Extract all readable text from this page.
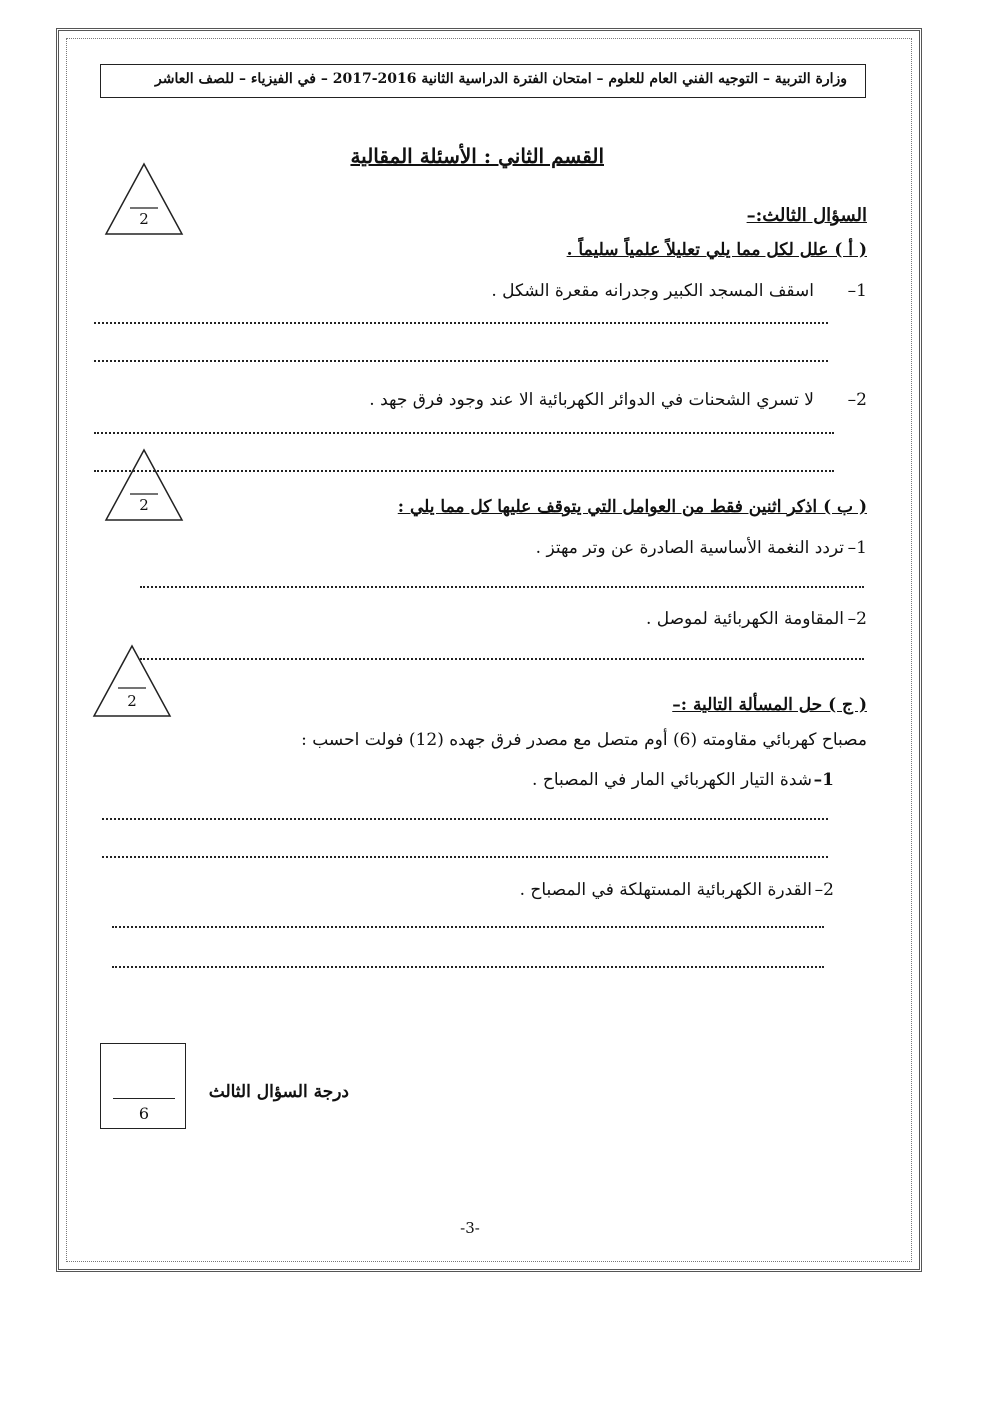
وزارة التربية – التوجيه الفني العام للعلوم – امتحان الفترة الدراسية الثانية 2016-2017 – في الفيزياء – للصف العاشر
القسم الثاني : الأسئلة المقالية
2	السؤال الثالث:–
( أ ) علل لكل مما يلي تعليلاً علمياً سليماً .
1–
اسقف المسجد الكبير وجدرانه مقعرة الشكل .
2–
لا تسري الشحنات في الدوائر الكهربائية الا عند وجود فرق جهد .
2	( ب ) اذكر اثنين فقط من العوامل التي يتوقف عليها كل مما يلي :
1–
تردد النغمة الأساسية الصادرة عن وتر مهتز .
2–
المقاومة الكهربائية لموصل .
2	( ج ) حل المسألة التالية :–
مصباح كهربائي مقاومته (6) أوم متصل مع مصدر فرق جهده (12) فولت احسب :
1–
شدة التيار الكهربائي المار في المصباح .
2–
القدرة الكهربائية المستهلكة في المصباح .
6
درجة السؤال الثالث
-3-
